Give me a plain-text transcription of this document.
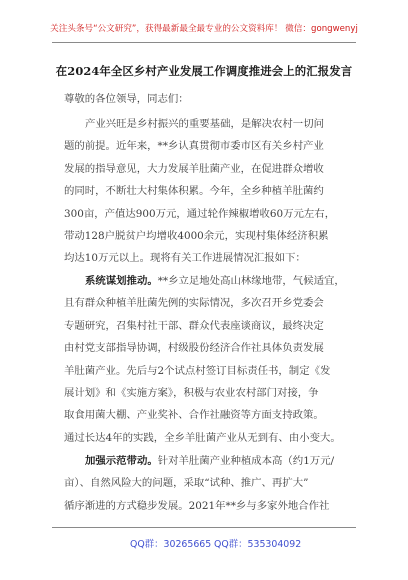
关注头条号“公文研究”，获得最新最全最专业的公文资料库！ 微信：gongwenyj
在2024年全区乡村产业发展工作调度推进会上的汇报发言
尊敬的各位领导，同志们：
产业兴旺是乡村振兴的重要基础，是解决农村一切问
题的前提。近年来，**乡认真贯彻市委市区有关乡村产业
发展的指导意见，大力发展羊肚菌产业，在促进群众增收
的同时，不断壮大村集体积累。今年，全乡种植羊肚菌约
300亩，产值达900万元，通过轮作辣椒增收60万元左右，
带动128户脱贫户均增收4000余元，实现村集体经济积累
均达10万元以上。现将有关工作进展情况汇报如下：
系统谋划推动。**乡立足地处高山林缘地带，气候适宜，
且有群众种植羊肚菌先例的实际情况，多次召开乡党委会
专题研究，召集村社干部、群众代表座谈商议，最终决定
由村党支部指导协调，村级股份经济合作社具体负责发展
羊肚菌产业。先后与2个试点村签订目标责任书，制定《发
展计划》和《实施方案》，积极与农业农村部门对接，争
取食用菌大棚、产业奖补、合作社融资等方面支持政策。
通过长达4年的实践，全乡羊肚菌产业从无到有、由小变大。
加强示范带动。针对羊肚菌产业种植成本高（约1万元/
亩）、自然风险大的问题，采取“试种、推广、再扩大”
循序渐进的方式稳步发展。2021年**乡与多家外地合作社
QQ群：30265665 QQ群：535304092
